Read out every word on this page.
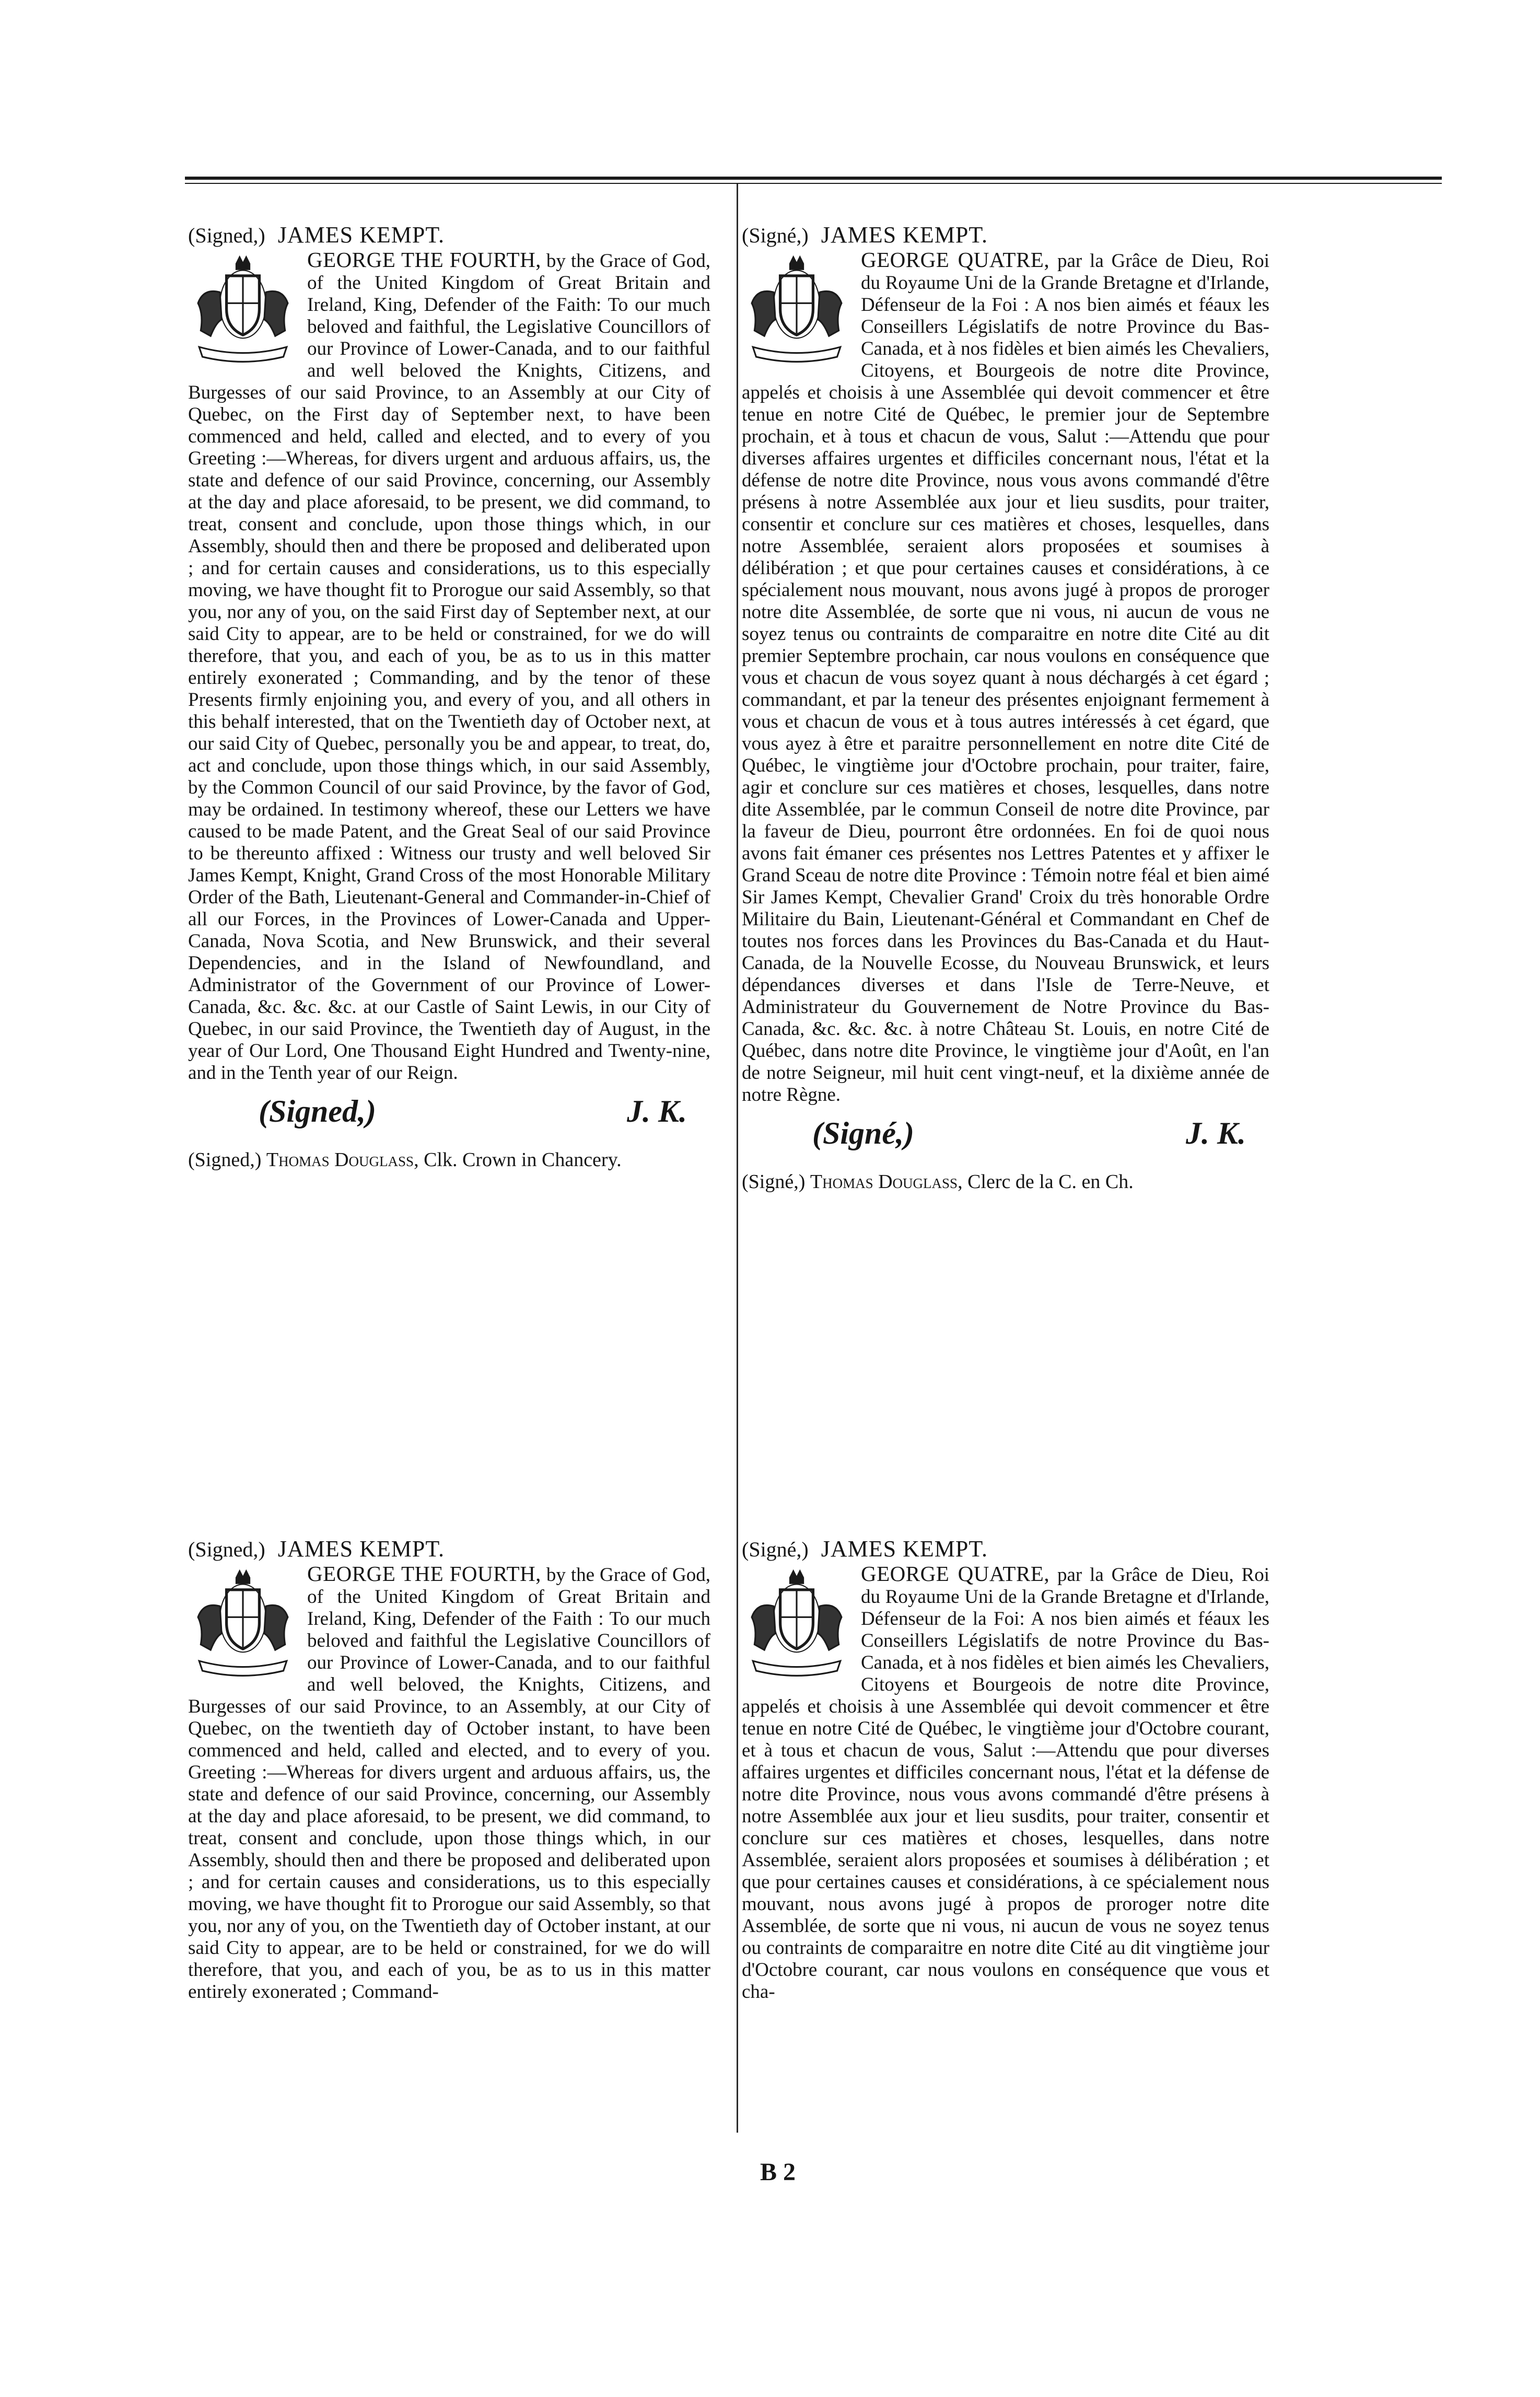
(Signed,) JAMES KEMPT.

GEORGE THE FOURTH, by the Grace of God, of the United Kingdom of Great Britain and Ireland, King, Defender of the Faith: To our much beloved and faithful, the Legislative Councillors of our Province of Lower-Canada, and to our faithful and well beloved the Knights, Citizens, and Burgesses of our said Province, to an Assembly at our City of Quebec, on the First day of September next, to have been commenced and held, called and elected, and to every of you Greeting :—Whereas, for divers urgent and arduous affairs, us, the state and defence of our said Province, concerning, our Assembly at the day and place aforesaid, to be present, we did command, to treat, consent and conclude, upon those things which, in our Assembly, should then and there be proposed and deliberated upon ; and for certain causes and considerations, us to this especially moving, we have thought fit to Prorogue our said Assembly, so that you, nor any of you, on the said First day of September next, at our said City to appear, are to be held or constrained, for we do will therefore, that you, and each of you, be as to us in this matter entirely exonerated ; Commanding, and by the tenor of these Presents firmly enjoining you, and every of you, and all others in this behalf interested, that on the Twentieth day of October next, at our said City of Quebec, personally you be and appear, to treat, do, act and conclude, upon those things which, in our said Assembly, by the Common Council of our said Province, by the favor of God, may be ordained. In testimony whereof, these our Letters we have caused to be made Patent, and the Great Seal of our said Province to be thereunto affixed : Witness our trusty and well beloved Sir James Kempt, Knight, Grand Cross of the most Honorable Military Order of the Bath, Lieutenant-General and Commander-in-Chief of all our Forces, in the Provinces of Lower-Canada and Upper-Canada, Nova Scotia, and New Brunswick, and their several Dependencies, and in the Island of Newfoundland, and Administrator of the Government of our Province of Lower-Canada, &c. &c. &c. at our Castle of Saint Lewis, in our City of Quebec, in our said Province, the Twentieth day of August, in the year of Our Lord, One Thousand Eight Hundred and Twenty-nine, and in the Tenth year of our Reign.

(Signed,)	J. K.

(Signed,) Thomas Douglass, Clk. Crown in Chancery.

(Signé,) JAMES KEMPT.

GEORGE QUATRE, par la Grâce de Dieu, Roi du Royaume Uni de la Grande Bretagne et d'Irlande, Défenseur de la Foi : A nos bien aimés et féaux les Conseillers Législatifs de notre Province du Bas-Canada, et à nos fidèles et bien aimés les Chevaliers, Citoyens, et Bourgeois de notre dite Province, appelés et choisis à une Assemblée qui devoit commencer et être tenue en notre Cité de Québec, le premier jour de Septembre prochain, et à tous et chacun de vous, Salut :—Attendu que pour diverses affaires urgentes et difficiles concernant nous, l'état et la défense de notre dite Province, nous vous avons commandé d'être présens à notre Assemblée aux jour et lieu susdits, pour traiter, consentir et conclure sur ces matières et choses, lesquelles, dans notre Assemblée, seraient alors proposées et soumises à délibération ; et que pour certaines causes et considérations, à ce spécialement nous mouvant, nous avons jugé à propos de proroger notre dite Assemblée, de sorte que ni vous, ni aucun de vous ne soyez tenus ou contraints de comparaitre en notre dite Cité au dit premier Septembre prochain, car nous voulons en conséquence que vous et chacun de vous soyez quant à nous déchargés à cet égard ; commandant, et par la teneur des présentes enjoignant fermement à vous et chacun de vous et à tous autres intéressés à cet égard, que vous ayez à être et paraitre personnellement en notre dite Cité de Québec, le vingtième jour d'Octobre prochain, pour traiter, faire, agir et conclure sur ces matières et choses, lesquelles, dans notre dite Assemblée, par le commun Conseil de notre dite Province, par la faveur de Dieu, pourront être ordonnées. En foi de quoi nous avons fait émaner ces présentes nos Lettres Patentes et y affixer le Grand Sceau de notre dite Province : Témoin notre féal et bien aimé Sir James Kempt, Chevalier Grand' Croix du très honorable Ordre Militaire du Bain, Lieutenant-Général et Commandant en Chef de toutes nos forces dans les Provinces du Bas-Canada et du Haut-Canada, de la Nouvelle Ecosse, du Nouveau Brunswick, et leurs dépendances diverses et dans l'Isle de Terre-Neuve, et Administrateur du Gouvernement de Notre Province du Bas-Canada, &c. &c. &c. à notre Château St. Louis, en notre Cité de Québec, dans notre dite Province, le vingtième jour d'Août, en l'an de notre Seigneur, mil huit cent vingt-neuf, et la dixième année de notre Règne.

(Signé,)	J. K.

(Signé,) Thomas Douglass, Clerc de la C. en Ch.

(Signed,) JAMES KEMPT.

GEORGE THE FOURTH, by the Grace of God, of the United Kingdom of Great Britain and Ireland, King, Defender of the Faith : To our much beloved and faithful the Legislative Councillors of our Province of Lower-Canada, and to our faithful and well beloved, the Knights, Citizens, and Burgesses of our said Province, to an Assembly, at our City of Quebec, on the twentieth day of October instant, to have been commenced and held, called and elected, and to every of you. Greeting :—Whereas for divers urgent and arduous affairs, us, the state and defence of our said Province, concerning, our Assembly at the day and place aforesaid, to be present, we did command, to treat, consent and conclude, upon those things which, in our Assembly, should then and there be proposed and deliberated upon ; and for certain causes and considerations, us to this especially moving, we have thought fit to Prorogue our said Assembly, so that you, nor any of you, on the Twentieth day of October instant, at our said City to appear, are to be held or constrained, for we do will therefore, that you, and each of you, be as to us in this matter entirely exonerated ; Command-

(Signé,) JAMES KEMPT.

GEORGE QUATRE, par la Grâce de Dieu, Roi du Royaume Uni de la Grande Bretagne et d'Irlande, Défenseur de la Foi: A nos bien aimés et féaux les Conseillers Législatifs de notre Province du Bas-Canada, et à nos fidèles et bien aimés les Chevaliers, Citoyens et Bourgeois de notre dite Province, appelés et choisis à une Assemblée qui devoit commencer et être tenue en notre Cité de Québec, le vingtième jour d'Octobre courant, et à tous et chacun de vous, Salut :—Attendu que pour diverses affaires urgentes et difficiles concernant nous, l'état et la défense de notre dite Province, nous vous avons commandé d'être présens à notre Assemblée aux jour et lieu susdits, pour traiter, consentir et conclure sur ces matières et choses, lesquelles, dans notre Assemblée, seraient alors proposées et soumises à délibération ; et que pour certaines causes et considérations, à ce spécialement nous mouvant, nous avons jugé à propos de proroger notre dite Assemblée, de sorte que ni vous, ni aucun de vous ne soyez tenus ou contraints de comparaitre en notre dite Cité au dit vingtième jour d'Octobre courant, car nous voulons en conséquence que vous et cha-

B 2
